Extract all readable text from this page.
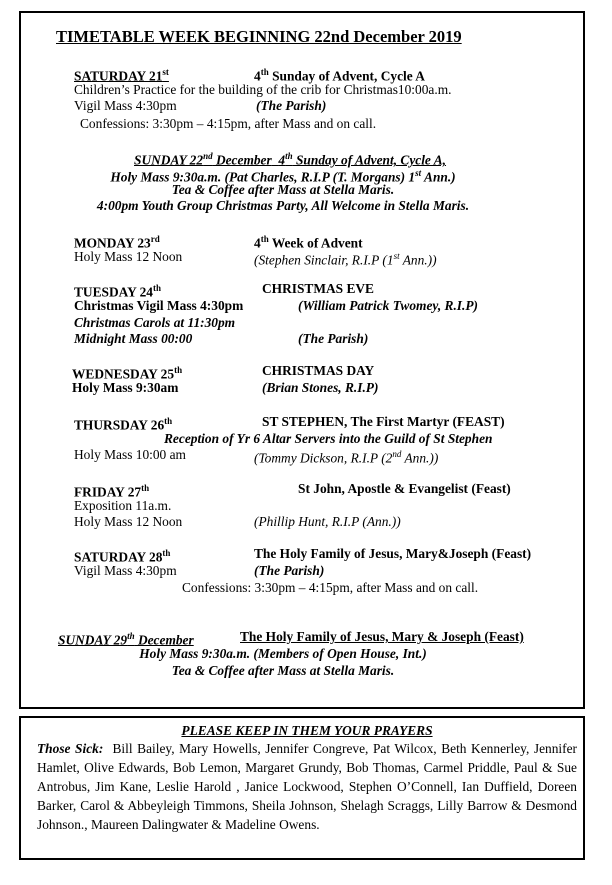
TIMETABLE WEEK BEGINNING 22nd December 2019
SATURDAY 21st	4th Sunday of Advent, Cycle A
Children’s Practice for the building of the crib for Christmas10:00a.m.
Vigil Mass 4:30pm	(The Parish)
Confessions: 3:30pm – 4:15pm, after Mass and on call.
SUNDAY 22nd December 4th Sunday of Advent, Cycle A,
Holy Mass 9:30a.m. (Pat Charles, R.I.P (T. Morgans) 1st Ann.)
Tea & Coffee after Mass at Stella Maris.
4:00pm Youth Group Christmas Party, All Welcome in Stella Maris.
MONDAY 23rd	4th Week of Advent
Holy Mass 12 Noon	(Stephen Sinclair, R.I.P (1st Ann.))
TUESDAY 24th	CHRISTMAS EVE
Christmas Vigil Mass 4:30pm	(William Patrick Twomey, R.I.P)
Christmas Carols at 11:30pm
Midnight Mass 00:00	(The Parish)
WEDNESDAY 25th	CHRISTMAS DAY
Holy Mass 9:30am	(Brian Stones, R.I.P)
THURSDAY 26th	ST STEPHEN, The First Martyr (FEAST)
Reception of Yr 6 Altar Servers into the Guild of St Stephen
Holy Mass 10:00 am	(Tommy Dickson, R.I.P (2nd Ann.))
FRIDAY 27th	St John, Apostle & Evangelist (Feast)
Exposition 11a.m.
Holy Mass 12 Noon	(Phillip Hunt, R.I.P (Ann.))
SATURDAY 28th	The Holy Family of Jesus, Mary&Joseph (Feast)
Vigil Mass 4:30pm	(The Parish)
Confessions: 3:30pm – 4:15pm, after Mass and on call.
SUNDAY 29th December	The Holy Family of Jesus, Mary & Joseph (Feast)
Holy Mass 9:30a.m. (Members of Open House, Int.)
Tea & Coffee after Mass at Stella Maris.
PLEASE KEEP IN THEM YOUR PRAYERS
Those Sick: Bill Bailey, Mary Howells, Jennifer Congreve, Pat Wilcox, Beth Kennerley, Jennifer Hamlet, Olive Edwards, Bob Lemon, Margaret Grundy, Bob Thomas, Carmel Priddle, Paul & Sue Antrobus, Jim Kane, Leslie Harold , Janice Lockwood, Stephen O’Connell, Ian Duffield, Doreen Barker, Carol & Abbeyleigh Timmons, Sheila Johnson, Shelagh Scraggs, Lilly Barrow & Desmond Johnson., Maureen Dalingwater & Madeline Owens.
